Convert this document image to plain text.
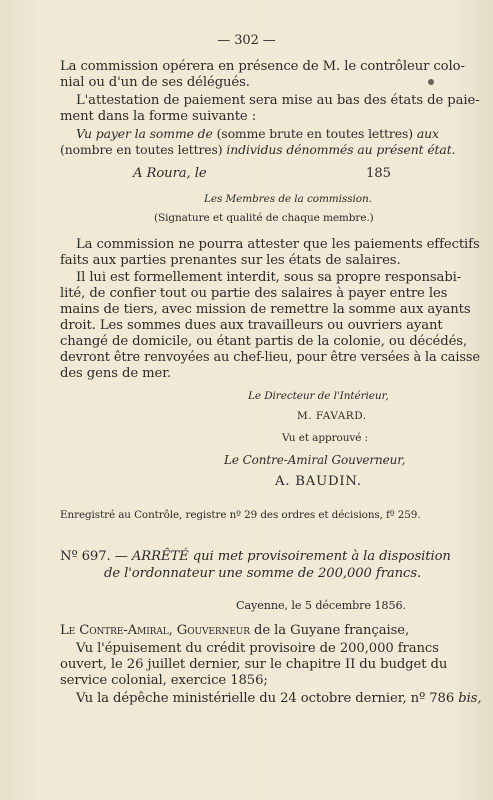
— 302 —
La commission opérera en présence de M. le contrôleur colo-
nial ou d'un de ses délégués.
L'attestation de paiement sera mise au bas des états de paie-
ment dans la forme suivante :
Vu payer la somme de (somme brute en toutes lettres) aux
(nombre en toutes lettres) individus dénommés au présent état.
A Roura, le	185
Les Membres de la commission.
(Signature et qualité de chaque membre.)
La commission ne pourra attester que les paiements effectifs
faits aux parties prenantes sur les états de salaires.
Il lui est formellement interdit, sous sa propre responsabi-
lité, de confier tout ou partie des salaires à payer entre les
mains de tiers, avec mission de remettre la somme aux ayants
droit. Les sommes dues aux travailleurs ou ouvriers ayant
changé de domicile, ou étant partis de la colonie, ou décédés,
devront être renvoyées au chef-lieu, pour être versées à la caisse
des gens de mer.
Le Directeur de l'Intérieur,
M. FAVARD.
Vu et approuvé :
Le Contre-Amiral Gouverneur,
A. BAUDIN.
Enregistré au Contrôle, registre nº 29 des ordres et décisions, fº 259.
Nº 697. — ARRÊTÉ qui met provisoirement à la disposition
de l'ordonnateur une somme de 200,000 francs.
Cayenne, le 5 décembre 1856.
Le Contre-Amiral, Gouverneur de la Guyane française,
Vu l'épuisement du crédit provisoire de 200,000 francs
ouvert, le 26 juillet dernier, sur le chapitre II du budget du
service colonial, exercice 1856;
Vu la dépêche ministérielle du 24 octobre dernier, nº 786 bis,
